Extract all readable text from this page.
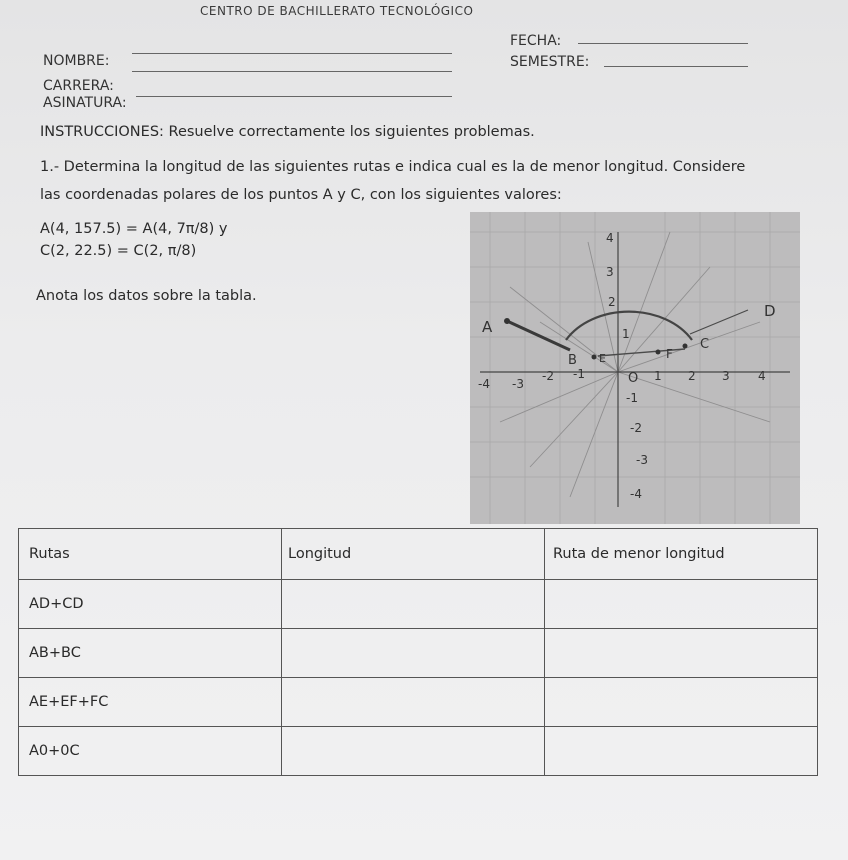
CENTRO DE BACHILLERATO TECNOLÓGICO
NOMBRE:
CARRERA:
ASINATURA:
FECHA:
SEMESTRE:
INSTRUCCIONES: Resuelve correctamente los siguientes problemas.
1.- Determina la longitud de las siguientes rutas e indica cual es la de menor longitud. Considere
las coordenadas polares de los puntos A y C, con los siguientes valores:
A(4, 157.5) = A(4, 7π/8) y
C(2, 22.5) = C(2, π/8)
Anota los datos sobre la tabla.
A
B E	F
C
D
O
-4 -3
-2 -1	1 2 3 4
4
3
2
1
-1
-2
-3
-4
Rutas	Longitud	Ruta de menor longitud
AD+CD		
AB+BC		
AE+EF+FC		
A0+0C		
